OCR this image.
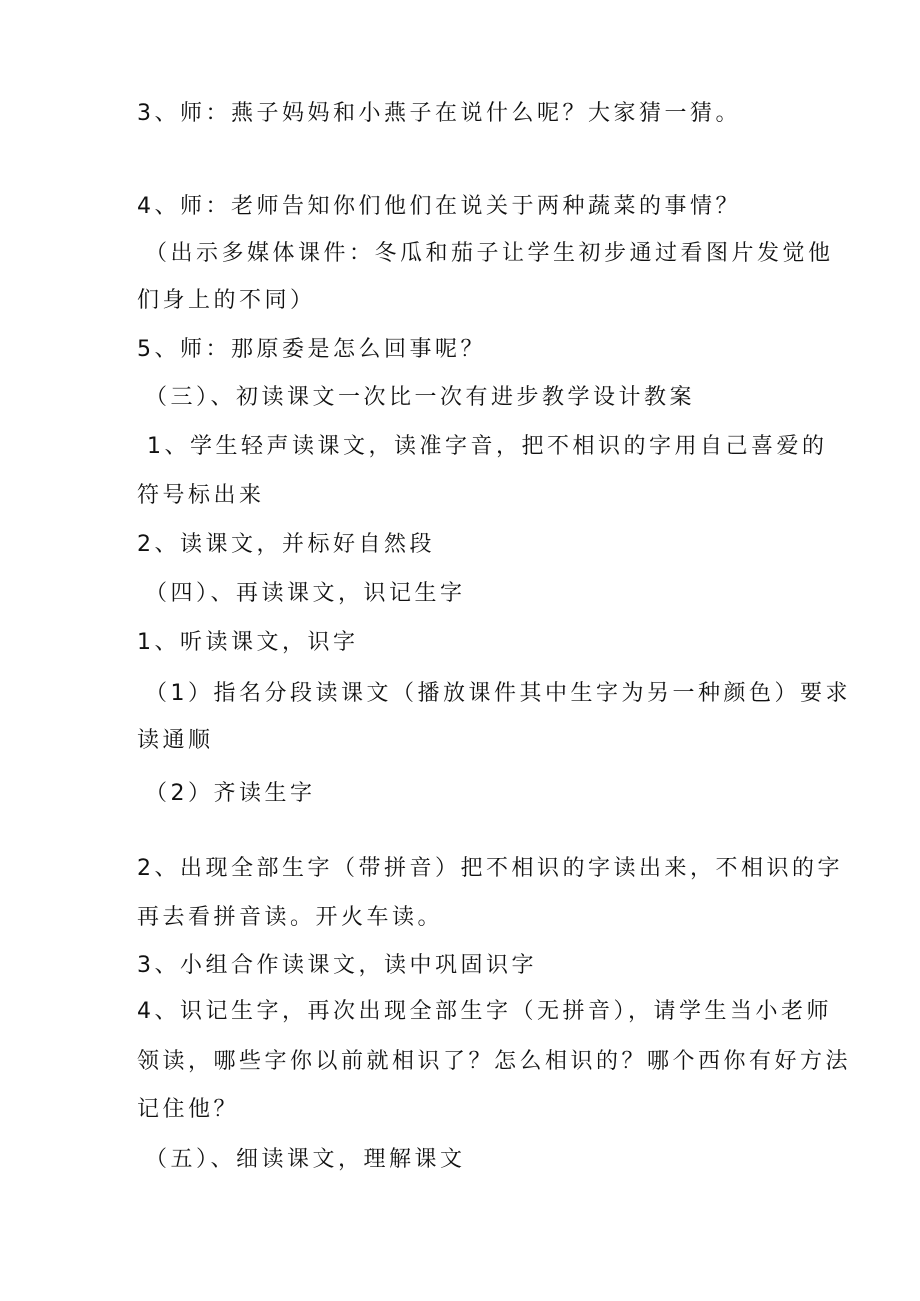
3、师：燕子妈妈和小燕子在说什么呢？大家猜一猜。
4、师：老师告知你们他们在说关于两种蔬菜的事情？
（出示多媒体课件：冬瓜和茄子让学生初步通过看图片发觉他
们身上的不同）
5、师：那原委是怎么回事呢？
（三）、初读课文一次比一次有进步教学设计教案
1、学生轻声读课文，读准字音，把不相识的字用自己喜爱的
符号标出来
2、读课文，并标好自然段
（四）、再读课文，识记生字
1、听读课文，识字
（1）指名分段读课文（播放课件其中生字为另一种颜色）要求
读通顺
（2）齐读生字
2、出现全部生字（带拼音）把不相识的字读出来，不相识的字
再去看拼音读。开火车读。
3、小组合作读课文，读中巩固识字
4、识记生字，再次出现全部生字（无拼音），请学生当小老师
领读，哪些字你以前就相识了？怎么相识的？哪个西你有好方法
记住他？
（五）、细读课文，理解课文
